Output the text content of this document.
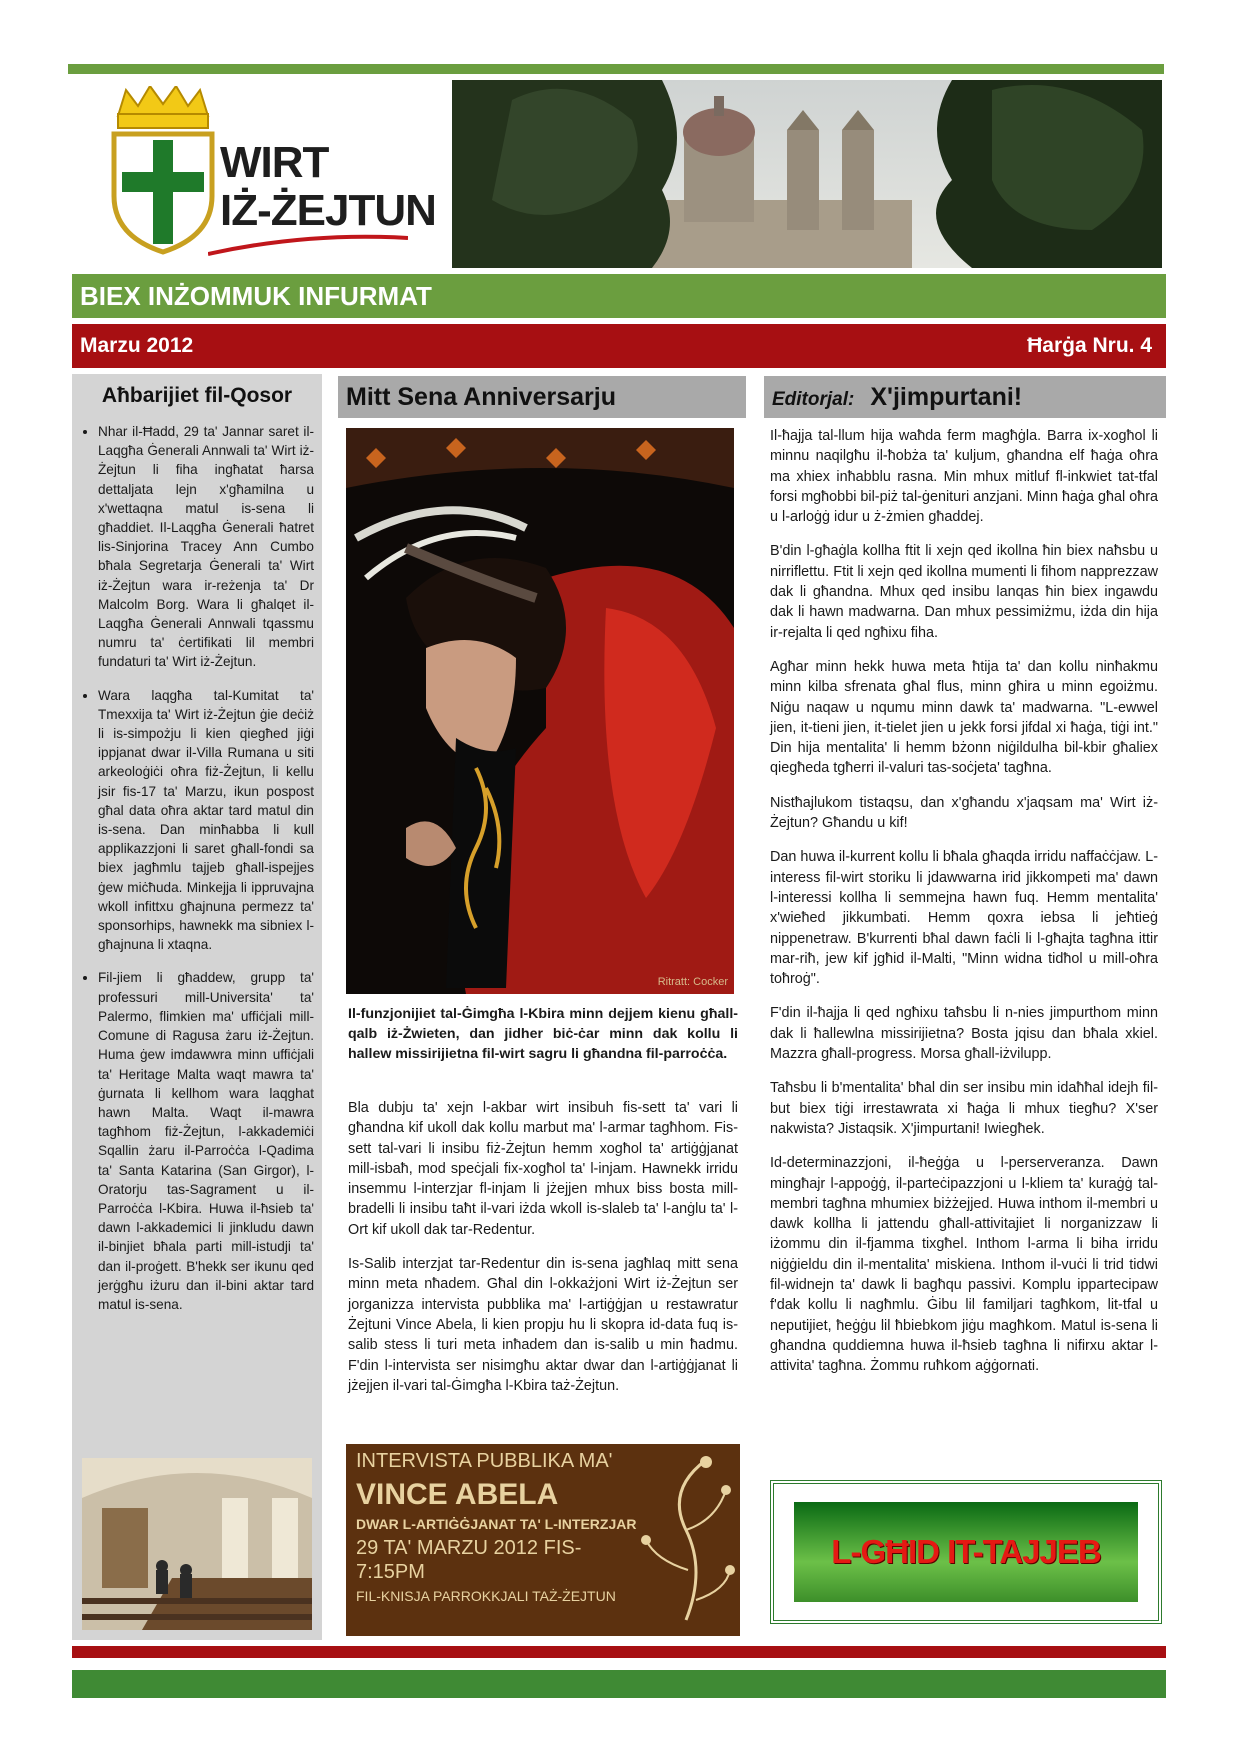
WIRT
IŻ-ŻEJTUN
BIEX INŻOMMUK INFURMAT
Marzu 2012	Ħarġa Nru. 4
Aħbarijiet fil-Qosor
• Nhar il-Ħadd, 29 ta' Jannar saret il-Laqgħa Ġenerali Annwali ta' Wirt iż-Żejtun li fiha ingħatat ħarsa dettaljata lejn x'għamilna u x'wettaqna matul is-sena li għaddiet. Il-Laqgħa Ġenerali ħatret lis-Sinjorina Tracey Ann Cumbo bħala Segretarja Ġenerali ta' Wirt iż-Żejtun wara ir-reżenja ta' Dr Malcolm Borg. Wara li għalqet il-Laqgħa Ġenerali Annwali tqassmu numru ta' ċertifikati lil membri fundaturi ta' Wirt iż-Żejtun.
• Wara laqgħa tal-Kumitat ta' Tmexxija ta' Wirt iż-Żejtun ġie deċiż li is-simpożju li kien qiegħed jiġi ippjanat dwar il-Villa Rumana u siti arkeoloġiċi oħra fiż-Żejtun, li kellu jsir fis-17 ta' Marzu, ikun pospost għal data oħra aktar tard matul din is-sena. Dan minħabba li kull applikazzjoni li saret għall-fondi sa biex jagħmlu tajjeb għall-ispejjes ġew miċħuda. Minkejja li ippruvajna wkoll infittxu għajnuna permezz ta' sponsorhips, hawnekk ma sibniex l-għajnuna li xtaqna.
• Fil-jiem li għaddew, grupp ta' professuri mill-Universita' ta' Palermo, flimkien ma' uffiċjali mill-Comune di Ragusa żaru iż-Żejtun. Huma ġew imdawwra minn uffiċjali ta' Heritage Malta waqt mawra ta' ġurnata li kellhom wara laqghat hawn Malta. Waqt il-mawra tagħhom fiż-Żejtun, l-akkademiċi Sqallin żaru il-Parroċċa l-Qadima ta' Santa Katarina (San Girgor), l-Oratorju tas-Sagrament u il-Parroċċa l-Kbira. Huwa il-ħsieb ta' dawn l-akkademici li jinkludu dawn il-binjiet bħala parti mill-istudji ta' dan il-proġett. B'hekk ser ikunu qed jerġgħu iżuru dan il-bini aktar tard matul is-sena.
Mitt Sena Anniversarju
Ritratt: Cocker
Il-funzjonijiet tal-Ġimgħa l-Kbira minn dejjem kienu għall-qalb iż-Żwieten, dan jidher biċ-ċar minn dak kollu li hallew missirijietna fil-wirt sagru li għandna fil-parroċċa.

Bla dubju ta' xejn l-akbar wirt insibuh fis-sett ta' vari li għandna kif ukoll dak kollu marbut ma' l-armar tagħhom. Fis-sett tal-vari li insibu fiż-Żejtun hemm xogħol ta' artiġġjanat mill-isbaħ, mod speċjali fix-xogħol ta' l-injam. Hawnekk irridu insemmu l-interzjar fl-injam li jżejjen mhux biss bosta mill-bradelli li insibu taħt il-vari iżda wkoll is-slaleb ta' l-anġlu ta' l-Ort kif ukoll dak tar-Redentur.

Is-Salib interzjat tar-Redentur din is-sena jagħlaq mitt sena minn meta nħadem. Għal din l-okkażjoni Wirt iż-Żejtun ser jorganizza intervista pubblika ma' l-artiġġjan u restawratur Żejtuni Vince Abela, li kien propju hu li skopra id-data fuq is-salib stess li turi meta inħadem dan is-salib u min ħadmu. F'din l-intervista ser nisimgħu aktar dwar dan l-artiġġjanat li jżejjen il-vari tal-Ġimgħa l-Kbira taż-Żejtun.

INTERVISTA PUBBLIKA MA'
VINCE ABELA
DWAR L-ARTIĠĠJANAT TA' L-INTERZJAR
29 TA' MARZU 2012 FIS-7:15PM
FIL-KNISJA PARROKKJALI TAŻ-ŻEJTUN
Editorjal: X'jimpurtani!

Il-ħajja tal-llum hija waħda ferm magħġla. Barra ix-xogħol li minnu naqilgħu il-ħobża ta' kuljum, għandna elf ħaġa oħra ma xhiex inħabblu rasna. Min mhux mitluf fl-inkwiet tat-tfal forsi mgħobbi bil-piż tal-ġenituri anzjani. Minn ħaġa għal oħra u l-arloġġ idur u ż-żmien għaddej.

B'din l-għaġla kollha ftit li xejn qed ikollna ħin biex naħsbu u nirriflettu. Ftit li xejn qed ikollna mumenti li fihom napprezzaw dak li għandna. Mhux qed insibu lanqas ħin biex ingawdu dak li hawn madwarna. Dan mhux pessimiżmu, iżda din hija ir-rejalta li qed ngħixu fiha.

Agħar minn hekk huwa meta ħtija ta' dan kollu ninħakmu minn kilba sfrenata għal flus, minn għira u minn egoiżmu. Niġu naqaw u nqumu minn dawk ta' madwarna. "L-ewwel jien, it-tieni jien, it-tielet jien u jekk forsi jifdal xi ħaġa, tiġi int." Din hija mentalita' li hemm bżonn niġildulha bil-kbir għaliex qiegħeda tgħerri il-valuri tas-soċjeta' tagħna.

Nistħajlukom tistaqsu, dan x'għandu x'jaqsam ma' Wirt iż-Żejtun? Għandu u kif!

Dan huwa il-kurrent kollu li bħala għaqda irridu naffaċċjaw. L-interess fil-wirt storiku li jdawwarna irid jikkompeti ma' dawn l-interessi kollha li semmejna hawn fuq. Hemm mentalita' x'wieħed jikkumbati. Hemm qoxra iebsa li jeħtieġ nippenetraw. B'kurrenti bħal dawn faċli li l-għajta tagħna ittir mar-riħ, jew kif jgħid il-Malti, "Minn widna tidħol u mill-oħra toħroġ".

F'din il-ħajja li qed ngħixu taħsbu li n-nies jimpurthom minn dak li ħallewlna missirijietna? Bosta jqisu dan bħala xkiel. Mazzra għall-progress. Morsa għall-iżvilupp.

Taħsbu li b'mentalita' bħal din ser insibu min idaħħal idejh fil-but biex tiġi irrestawrata xi ħaġa li mhux tiegħu? X'ser nakwista? Jistaqsik. X'jimpurtani! Iwiegħek.

Id-determinazzjoni, il-ħeġġa u l-perserveranza. Dawn mingħajr l-appoġġ, il-parteċipazzjoni u l-kliem ta' kuraġġ tal-membri tagħna mhumiex biżżejjed. Huwa inthom il-membri u dawk kollha li jattendu għall-attivitajiet li norganizzaw li iżommu din il-fjamma tixgħel. Inthom l-arma li biha irridu niġġieldu din il-mentalita' miskiena. Inthom il-vuċi li trid tidwi fil-widnejn ta' dawk li bagħqu passivi. Komplu ippartecipaw f'dak kollu li nagħmlu. Ġibu lil familjari tagħkom, lit-tfal u neputijiet, ħeġġu lil ħbiebkom jiġu magħkom. Matul is-sena li għandna quddiemna huwa il-ħsieb tagħna li nifirxu aktar l-attivita' tagħna. Żommu ruħkom aġġornati.

L-GĦID IT-TAJJEB
